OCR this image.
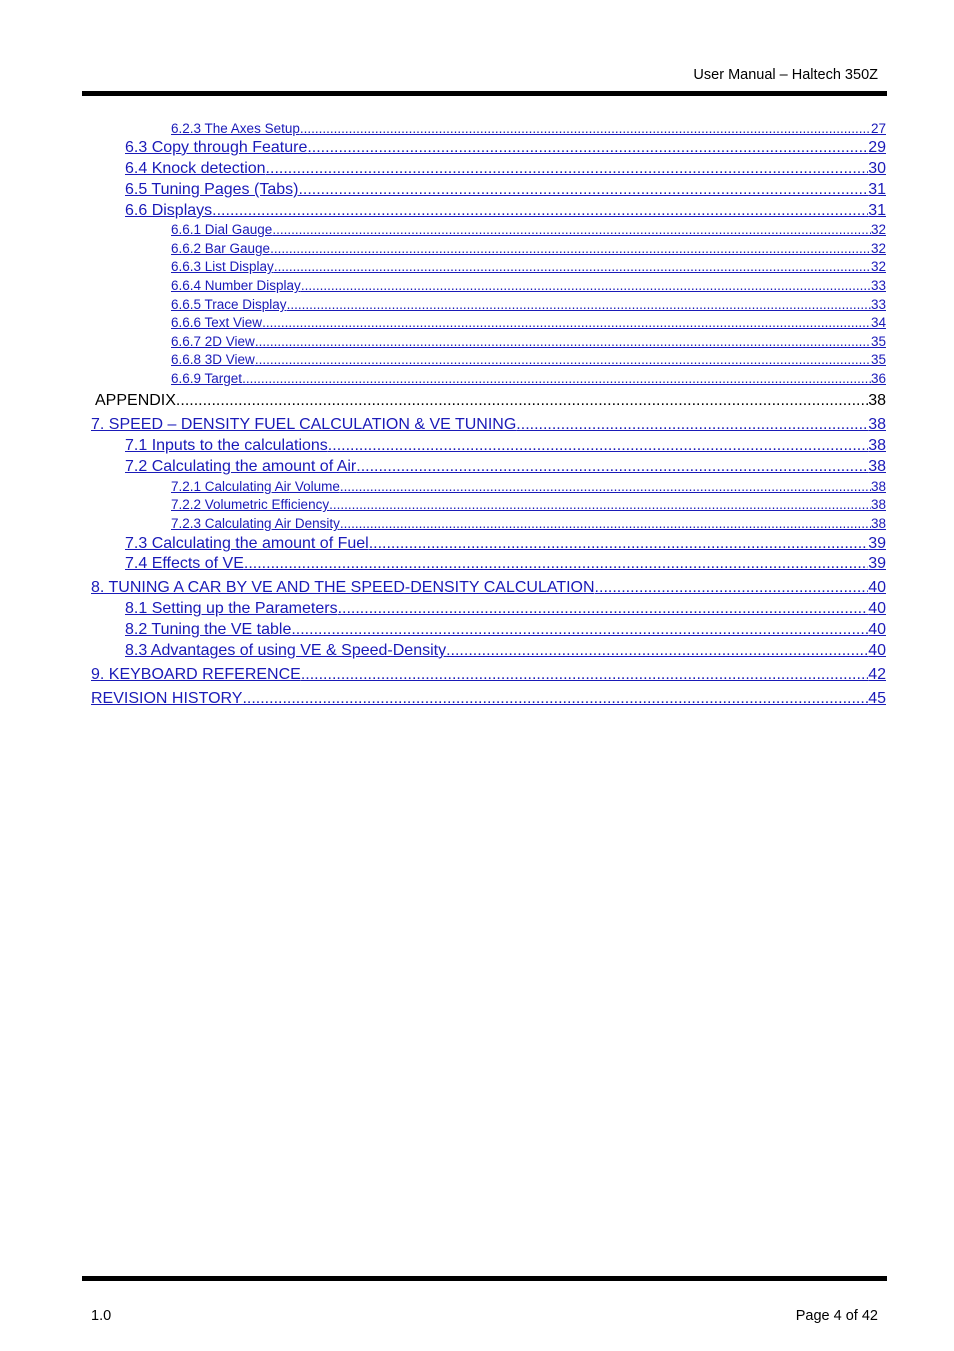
User Manual – Haltech 350Z
6.2.3 The Axes Setup .....	27
6.3 Copy through Feature .....	29
6.4 Knock detection .....	30
6.5 Tuning Pages (Tabs) .....	31
6.6 Displays .....	31
6.6.1 Dial Gauge .....	32
6.6.2 Bar Gauge .....	32
6.6.3 List Display .....	32
6.6.4 Number Display .....	33
6.6.5 Trace Display .....	33
6.6.6 Text View .....	34
6.6.7 2D View .....	35
6.6.8 3D View .....	35
6.6.9 Target .....	36
APPENDIX .....	38
7. SPEED – DENSITY FUEL CALCULATION & VE TUNING .....	38
7.1 Inputs to the calculations .....	38
7.2 Calculating the amount of Air .....	38
7.2.1 Calculating Air Volume .....	38
7.2.2 Volumetric Efficiency .....	38
7.2.3 Calculating Air Density .....	38
7.3 Calculating the amount of Fuel .....	39
7.4 Effects of VE .....	39
8. TUNING A CAR BY VE AND THE SPEED-DENSITY CALCULATION .....	40
8.1 Setting up the Parameters .....	40
8.2 Tuning the VE table .....	40
8.3 Advantages of using VE & Speed-Density .....	40
9. KEYBOARD REFERENCE .....	42
REVISION HISTORY .....	45
1.0	Page 4 of 42
